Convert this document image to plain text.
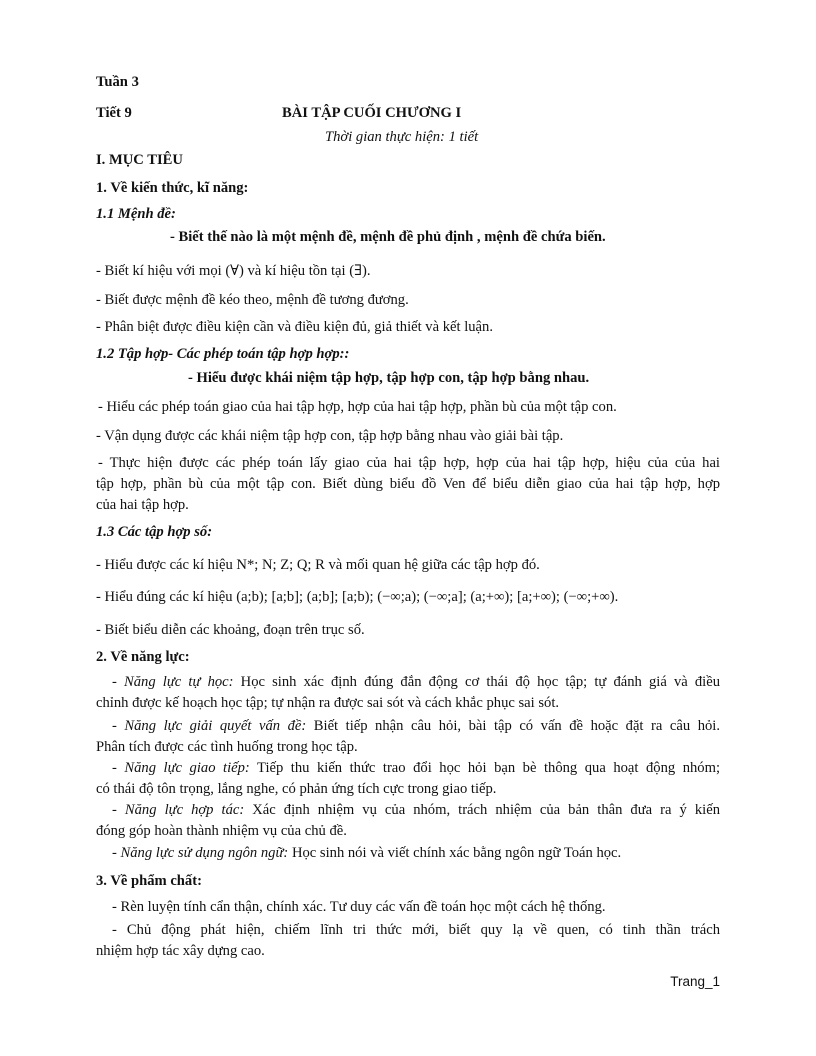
Tuần 3
Tiết 9	BÀI TẬP CUỐI CHƯƠNG I
Thời gian thực hiện: 1 tiết
I. MỤC TIÊU
1. Về kiến thức, kĩ năng:
1.1 Mệnh đề:
- Biết thế nào là một mệnh đề, mệnh đề phủ định , mệnh đề chứa biến.
- Biết kí hiệu với mọi (∀) và kí hiệu tồn tại (∃).
- Biết được mệnh đề kéo theo, mệnh đề tương đương.
- Phân biệt được điều kiện cần và điều kiện đủ, giả thiết và kết luận.
1.2 Tập hợp- Các phép toán tập hợp hợp::
- Hiểu được khái niệm tập hợp, tập hợp con, tập hợp bằng nhau.
- Hiểu các phép toán giao của hai tập hợp, hợp của hai tập hợp, phần bù của một tập con.
- Vận dụng được các khái niệm tập hợp con, tập hợp bằng nhau vào giải bài tập.
- Thực hiện được các phép toán lấy giao của hai tập hợp, hợp của hai tập hợp, hiệu của của hai
tập hợp, phần bù của một tập con. Biết dùng biểu đồ Ven để biểu diễn giao của hai tập hợp, hợp
của hai tập hợp.
1.3 Các tập hợp số:
- Hiểu được các kí hiệu N*; N; Z; Q; R và mối quan hệ giữa các tập hợp đó.
- Hiểu đúng các kí hiệu (a;b); [a;b]; (a;b]; [a;b); (−∞;a); (−∞;a]; (a;+∞); [a;+∞); (−∞;+∞).
- Biết biểu diễn các khoảng, đoạn trên trục số.
2. Về năng lực:
- Năng lực tự học: Học sinh xác định đúng đắn động cơ thái độ học tập; tự đánh giá và điều
chỉnh được kế hoạch học tập; tự nhận ra được sai sót và cách khắc phục sai sót.
- Năng lực giải quyết vấn đề: Biết tiếp nhận câu hỏi, bài tập có vấn đề hoặc đặt ra câu hỏi.
Phân tích được các tình huống trong học tập.
- Năng lực giao tiếp: Tiếp thu kiến thức trao đổi học hỏi bạn bè thông qua hoạt động nhóm;
có thái độ tôn trọng, lắng nghe, có phản ứng tích cực trong giao tiếp.
- Năng lực hợp tác: Xác định nhiệm vụ của nhóm, trách nhiệm của bản thân đưa ra ý kiến
đóng góp hoàn thành nhiệm vụ của chủ đề.
- Năng lực sử dụng ngôn ngữ: Học sinh nói và viết chính xác bằng ngôn ngữ Toán học.
3. Về phẩm chất:
- Rèn luyện tính cẩn thận, chính xác. Tư duy các vấn đề toán học một cách hệ thống.
- Chủ động phát hiện, chiếm lĩnh tri thức mới, biết quy lạ về quen, có tinh thần trách
nhiệm hợp tác xây dựng cao.
Trang_1
